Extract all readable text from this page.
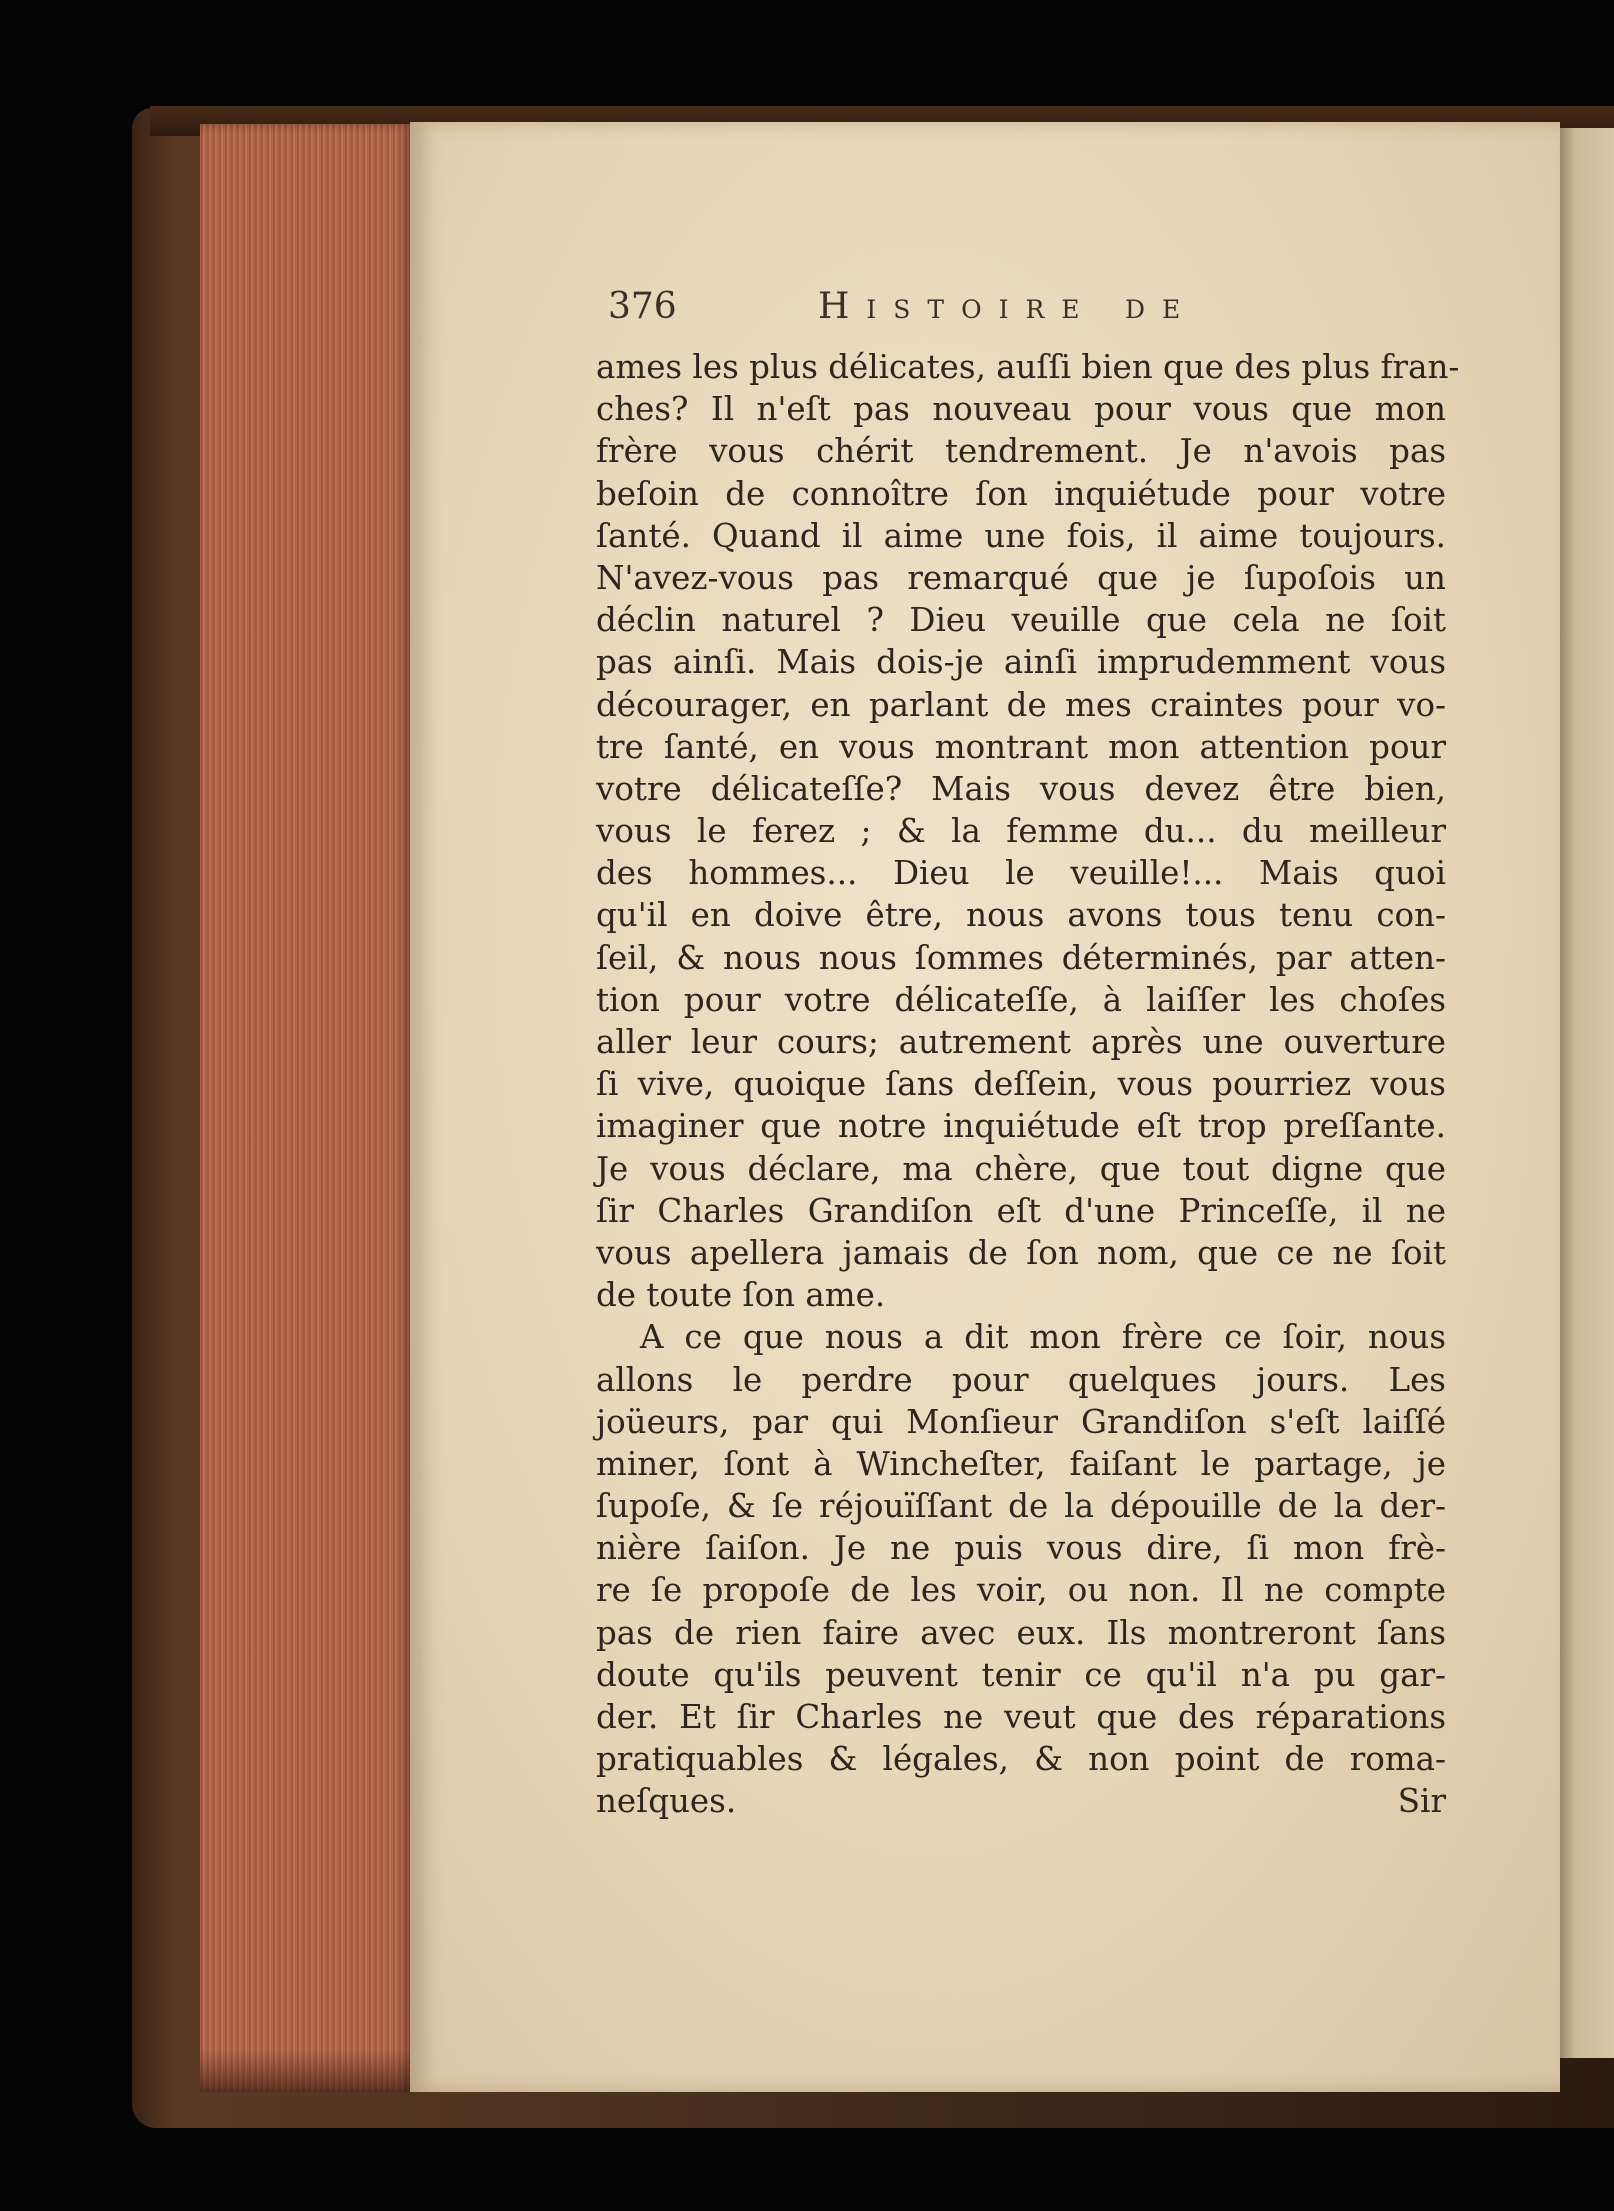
376	Histoire de
ames les plus délicates, auſſi bien que des plus fran-
ches? Il n'eſt pas nouveau pour vous que mon
frère vous chérit tendrement. Je n'avois pas
beſoin de connoître ſon inquiétude pour votre
ſanté. Quand il aime une fois, il aime toujours.
N'avez-vous pas remarqué que je ſupoſois un
déclin naturel ? Dieu veuille que cela ne ſoit
pas ainſi. Mais dois-je ainſi imprudemment vous
décourager, en parlant de mes craintes pour vo-
tre ſanté, en vous montrant mon attention pour
votre délicateſſe? Mais vous devez être bien,
vous le ferez ; & la femme du... du meilleur
des hommes... Dieu le veuille!... Mais quoi
qu'il en doive être, nous avons tous tenu con-
ſeil, & nous nous ſommes déterminés, par atten-
tion pour votre délicateſſe, à laiſſer les choſes
aller leur cours; autrement après une ouverture
ſi vive, quoique ſans deſſein, vous pourriez vous
imaginer que notre inquiétude eſt trop preſſante.
Je vous déclare, ma chère, que tout digne que
ſir Charles Grandiſon eſt d'une Princeſſe, il ne
vous apellera jamais de ſon nom, que ce ne ſoit
de toute ſon ame.
A ce que nous a dit mon frère ce ſoir, nous
allons le perdre pour quelques jours. Les
joüeurs, par qui Monſieur Grandiſon s'eſt laiſſé
miner, ſont à Wincheſter, faiſant le partage, je
ſupoſe, & ſe réjouïſſant de la dépouille de la der-
nière ſaiſon. Je ne puis vous dire, ſi mon frè-
re ſe propoſe de les voir, ou non. Il ne compte
pas de rien faire avec eux. Ils montreront ſans
doute qu'ils peuvent tenir ce qu'il n'a pu gar-
der. Et ſir Charles ne veut que des réparations
pratiquables & légales, & non point de roma-
neſques.	Sir
